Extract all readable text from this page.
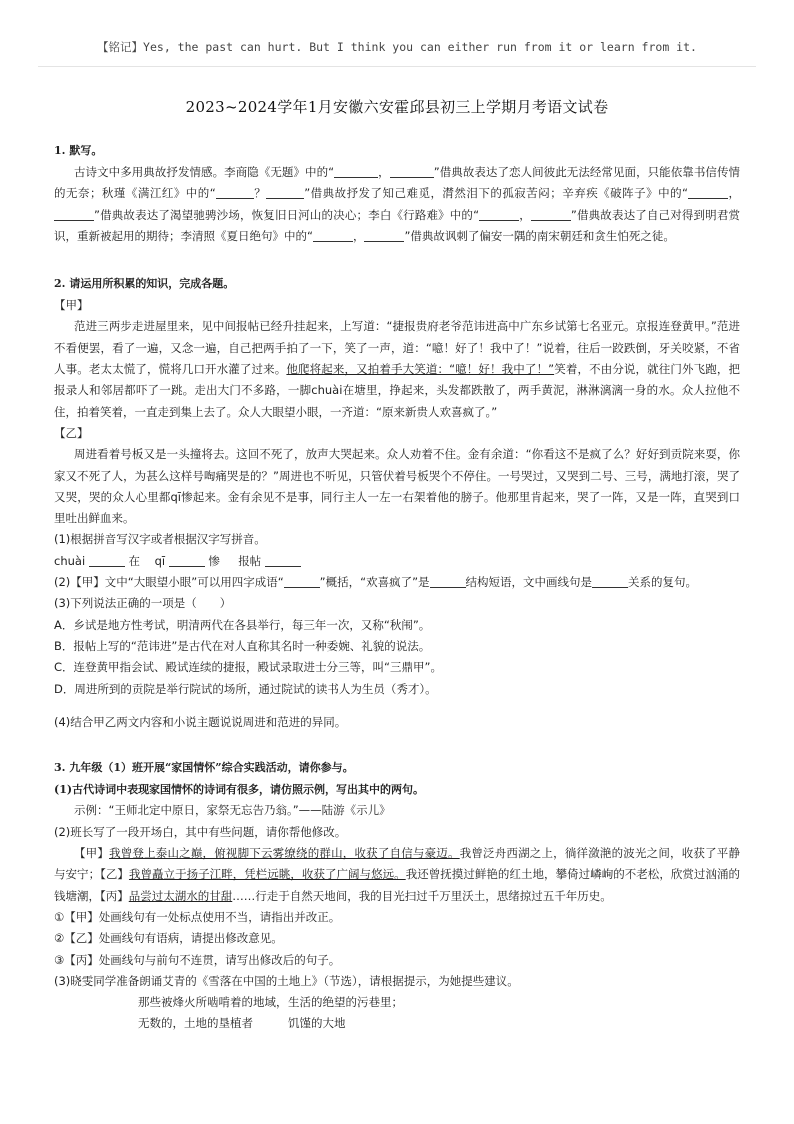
【铭记】Yes, the past can hurt. But I think you can either run from it or learn from it.
2023~2024学年1月安徽六安霍邱县初三上学期月考语文试卷
1. 默写。
古诗文中多用典故抒发情感。李商隐《无题》中的“	，	”借典故表达了恋人间彼此无法经常见面，只能依靠书信传情的无奈；秋瑾《满江红》中的“	？	”借典故抒发了知己难觅，潸然泪下的孤寂苦闷；辛弃疾《破阵子》中的“	，”借典故表达了渴望驰骋沙场，恢复旧日河山的决心；李白《行路难》中的“	，	”借典故表达了自己对得到明君赏识，重新被起用的期待；李清照《夏日绝句》中的“	，	”借典故讽刺了偏安一隅的南宋朝廷和贪生怕死之徒。
2. 请运用所积累的知识，完成各题。
【甲】
范进三两步走进屋里来，见中间报帖已经升挂起来，上写道：“捷报贵府老爷范讳进高中广东乡试第七名亚元。京报连登黄甲。”范进不看便罢，看了一遍，又念一遍，自己把两手拍了一下，笑了一声，道：“噫！好了！我中了！”说着，往后一跤跌倒，牙关咬紧，不省人事。老太太慌了，慌将几口开水灌了过来。他爬将起来，又拍着手大笑道：“噫！好！我中了！”笑着，不由分说，就往门外飞跑，把报录人和邻居都吓了一跳。走出大门不多路，一脚chuài在塘里，挣起来，头发都跌散了，两手黄泥，淋淋漓漓一身的水。众人拉他不住，拍着笑着，一直走到集上去了。众人大眼望小眼，一齐道：“原来新贵人欢喜疯了。”
【乙】
周进看着号板又是一头撞将去。这回不死了，放声大哭起来。众人劝着不住。金有余道：“你看这不是疯了么？好好到贡院来耍，你家又不死了人，为甚么这样号啕痛哭是的？”周进也不听见，只管伏着号板哭个不停住。一号哭过，又哭到二号、三号，满地打滚，哭了又哭，哭的众人心里都qī惨起来。金有余见不是事，同行主人一左一右架着他的膀子。他那里肯起来，哭了一阵，又是一阵，直哭到口里吐出鲜血来。
(1)根据拼音写汉字或者根据汉字写拼音。
chuài	在 qī	惨 报帖
(2)【甲】文中“大眼望小眼”可以用四字成语“	”概括，“欢喜疯了”是	结构短语，文中画线句是	关系的复句。
(3)下列说法正确的一项是（　　）
A．乡试是地方性考试，明清两代在各县举行，每三年一次，又称“秋闱”。
B．报帖上写的“范讳进”是古代在对人直称其名时一种委婉、礼貌的说法。
C．连登黄甲指会试、殿试连续的捷报，殿试录取进士分三等，叫“三鼎甲”。
D．周进所到的贡院是举行院试的场所，通过院试的读书人为生员（秀才）。
(4)结合甲乙两文内容和小说主题说说周进和范进的异同。
3. 九年级（1）班开展“家国情怀”综合实践活动，请你参与。
(1)古代诗词中表现家国情怀的诗词有很多，请仿照示例，写出其中的两句。
示例：“王师北定中原日，家祭无忘告乃翁。”——陆游《示儿》
(2)班长写了一段开场白，其中有些问题，请你帮他修改。
【甲】我曾登上泰山之巅，俯视脚下云雾缭绕的群山，收获了自信与豪迈。我曾泛舟西湖之上，徜徉潋滟的波光之间，收获了平静与安宁；【乙】我曾矗立于扬子江畔，凭栏远眺，收获了广阔与悠远。我还曾抚摸过鲜艳的红土地，攀倚过嶙峋的不老松，欣赏过汹涌的钱塘潮，【丙】品尝过太湖水的甘甜……行走于自然天地间，我的目光扫过千万里沃土，思绪掠过五千年历史。
①【甲】处画线句有一处标点使用不当，请指出并改正。
②【乙】处画线句有语病，请提出修改意见。
③【丙】处画线句与前句不连贯，请写出修改后的句子。
(3)晓雯同学准备朗诵艾青的《雪落在中国的土地上》（节选），请根据提示，为她提些建议。
那些被烽火所啮啃着的地域，生活的绝望的污巷里；
无数的，土地的垦植者	饥馑的大地
